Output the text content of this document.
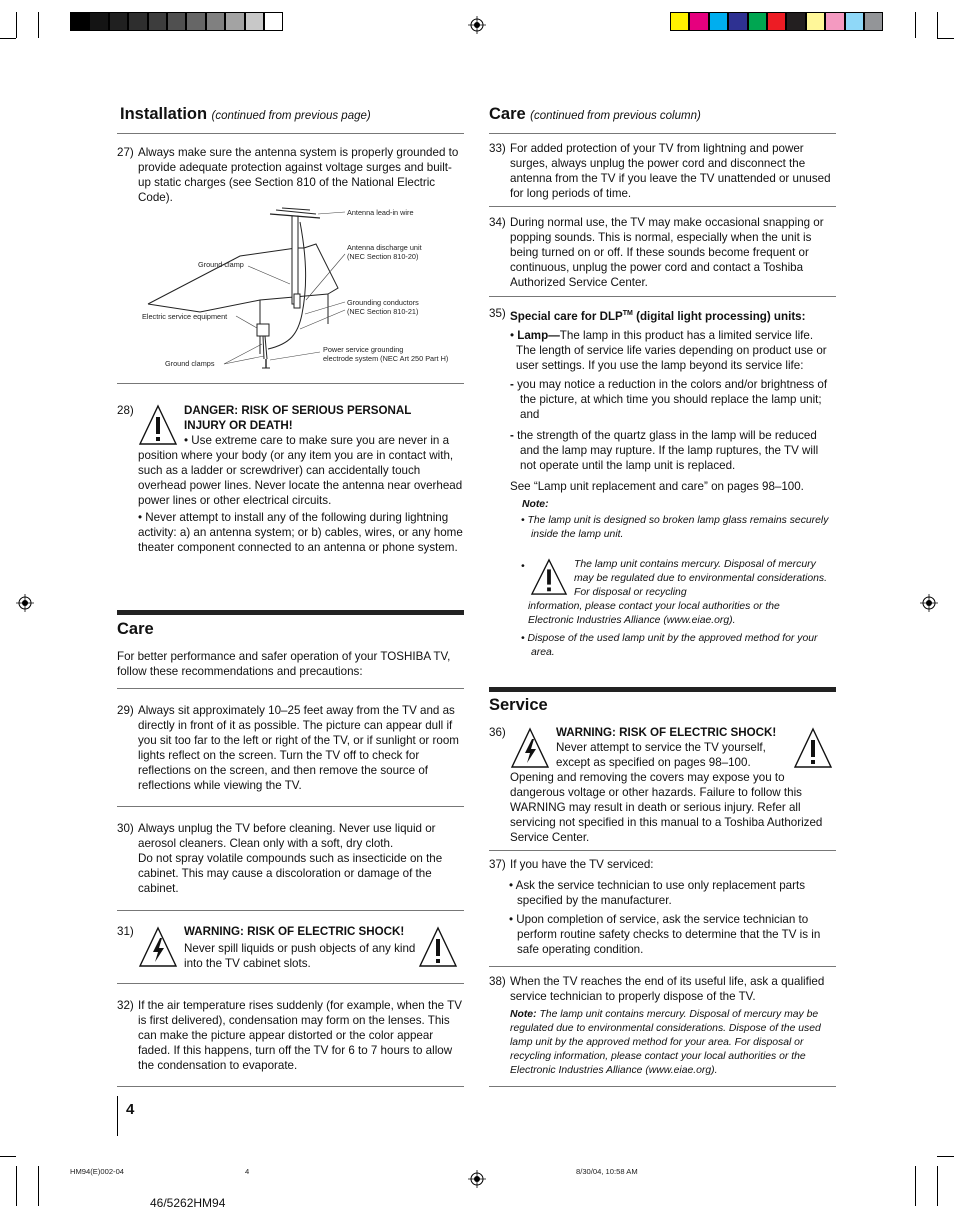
Installation (continued from previous page)
27) Always make sure the antenna system is properly grounded to provide adequate protection against voltage surges and built-up static charges (see Section 810 of the National Electric Code).
Antenna lead-in wire
Antenna discharge unit
(NEC Section 810-20)
Ground clamp
Grounding conductors
(NEC Section 810-21)
Electric service equipment
Power service grounding
electrode system (NEC Art 250 Part H)
Ground clamps
28)	DANGER: RISK OF SERIOUS PERSONAL
INJURY OR DEATH!
• Use extreme care to make sure you are never in a position where your body (or any item you are in contact with, such as a ladder or screwdriver) can accidentally touch overhead power lines. Never locate the antenna near overhead power lines or other electrical circuits.
• Never attempt to install any of the following during lightning activity: a) an antenna system; or b) cables, wires, or any home theater component connected to an antenna or phone system.
Care
For better performance and safer operation of your TOSHIBA TV, follow these recommendations and precautions:
29) Always sit approximately 10–25 feet away from the TV and as directly in front of it as possible. The picture can appear dull if you sit too far to the left or right of the TV, or if sunlight or room lights reflect on the screen. Turn the TV off to check for reflections on the screen, and then remove the source of reflections while viewing the TV.
30) Always unplug the TV before cleaning. Never use liquid or aerosol cleaners. Clean only with a soft, dry cloth.
Do not spray volatile compounds such as insecticide on the cabinet. This may cause a discoloration or damage of the cabinet.
31)	WARNING: RISK OF ELECTRIC SHOCK!
Never spill liquids or push objects of any kind into the TV cabinet slots.
32) If the air temperature rises suddenly (for example, when the TV is first delivered), condensation may form on the lenses. This can make the picture appear distorted or the color appear faded. If this happens, turn off the TV for 6 to 7 hours to allow the condensation to evaporate.
4
Care (continued from previous column)
33) For added protection of your TV from lightning and power surges, always unplug the power cord and disconnect the antenna from the TV if you leave the TV unattended or unused for long periods of time.
34) During normal use, the TV may make occasional snapping or popping sounds. This is normal, especially when the unit is being turned on or off. If these sounds become frequent or continuous, unplug the power cord and contact a Toshiba Authorized Service Center.
35) Special care for DLP™ (digital light processing) units:
• Lamp—The lamp in this product has a limited service life. The length of service life varies depending on product use or user settings. If you use the lamp beyond its service life:
- you may notice a reduction in the colors and/or brightness of the picture, at which time you should replace the lamp unit; and
- the strength of the quartz glass in the lamp will be reduced and the lamp may rupture. If the lamp ruptures, the TV will not operate until the lamp unit is replaced.
See “Lamp unit replacement and care” on pages 98–100.
Note:
• The lamp unit is designed so broken lamp glass remains securely inside the lamp unit.
•	The lamp unit contains mercury. Disposal of mercury may be regulated due to environmental considerations. For disposal or recycling
information, please contact your local authorities or the Electronic Industries Alliance (www.eiae.org).
• Dispose of the used lamp unit by the approved method for your area.
Service
36)	WARNING: RISK OF ELECTRIC SHOCK!
Never attempt to service the TV yourself, except as specified on pages 98–100.
Opening and removing the covers may expose you to dangerous voltage or other hazards. Failure to follow this WARNING may result in death or serious injury. Refer all servicing not specified in this manual to a Toshiba Authorized Service Center.
37) If you have the TV serviced:
• Ask the service technician to use only replacement parts specified by the manufacturer.
• Upon completion of service, ask the service technician to perform routine safety checks to determine that the TV is in safe operating condition.
38) When the TV reaches the end of its useful life, ask a qualified service technician to properly dispose of the TV.
Note: The lamp unit contains mercury. Disposal of mercury may be regulated due to environmental considerations. Dispose of the used lamp unit by the approved method for your area. For disposal or recycling information, please contact your local authorities or the Electronic Industries Alliance (www.eiae.org).
HM94(E)002-04	4	8/30/04, 10:58 AM
46/5262HM94
